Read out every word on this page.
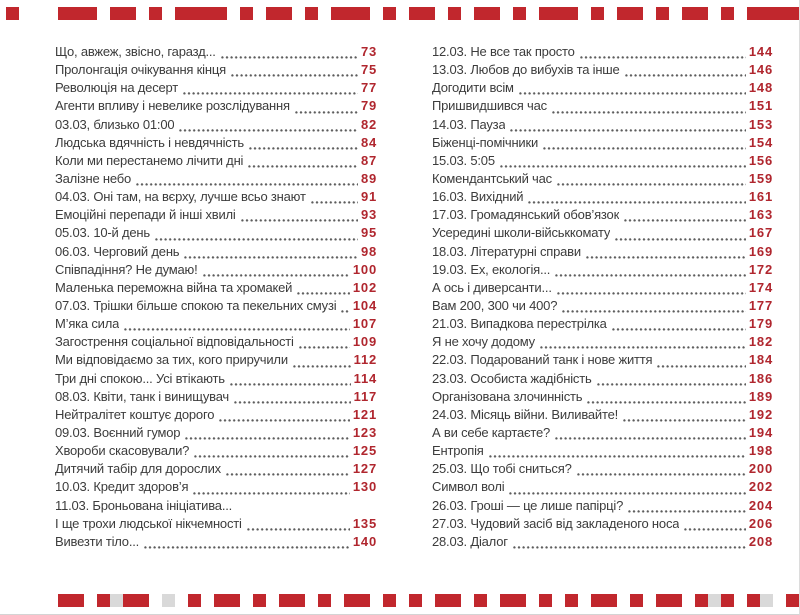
Що, авжеж, звісно, гаразд...	73
Пролонгація очікування кінця	75
Революція на десерт	77
Агенти впливу і невелике розслідування	79
03.03, близько 01:00	82
Людська вдячність і невдячність	84
Коли ми перестанемо лічити дні	87
Залізне небо	89
04.03. Оні там, на вєрху, лучше всьо знают	91
Емоційні перепади й інші хвилі	93
05.03. 10-й день	95
06.03. Черговий день	98
Співпадіння? Не думаю!	100
Маленька переможна війна та хромакей	102
07.03. Трішки більше спокою та пекельних смузі 104
М’яка сила	107
Загострення соціальної відповідальності	109
Ми відповідаємо за тих, кого приручили	112
Три дні спокою... Усі втікають	114
08.03. Квіти, танк і винищувач	117
Нейтралітет коштує дорого	121
09.03. Воєнний гумор	123
Хвороби скасовували?	125
Дитячий табір для дорослих	127
10.03. Кредит здоров’я	130
11.03. Броньована ініціатива...
І ще трохи людської нікчемності	135
Вивезти тіло...	140
12.03. Не все так просто	144
13.03. Любов до вибухів та інше	146
Догодити всім	148
Пришвидшився час	151
14.03. Пауза	153
Біженці-помічники	154
15.03. 5:05	156
Комендантський час	159
16.03. Вихідний	161
17.03. Громадянський обов’язок	163
Усередині школи-військкомату	167
18.03. Літературні справи	169
19.03. Ех, екологія...	172
А ось і диверсанти...	174
Вам 200, 300 чи 400?	177
21.03. Випадкова перестрілка	179
Я не хочу додому	182
22.03. Подарований танк і нове життя	184
23.03. Особиста жадібність	186
Організована злочинність	189
24.03. Місяць війни. Виливайте!	192
А ви себе картаєте?	194
Ентропія	198
25.03. Що тобі сниться?	200
Символ волі	202
26.03. Гроші — це лише папірці?	204
27.03. Чудовий засіб від закладеного носа	206
28.03. Діалог	208
